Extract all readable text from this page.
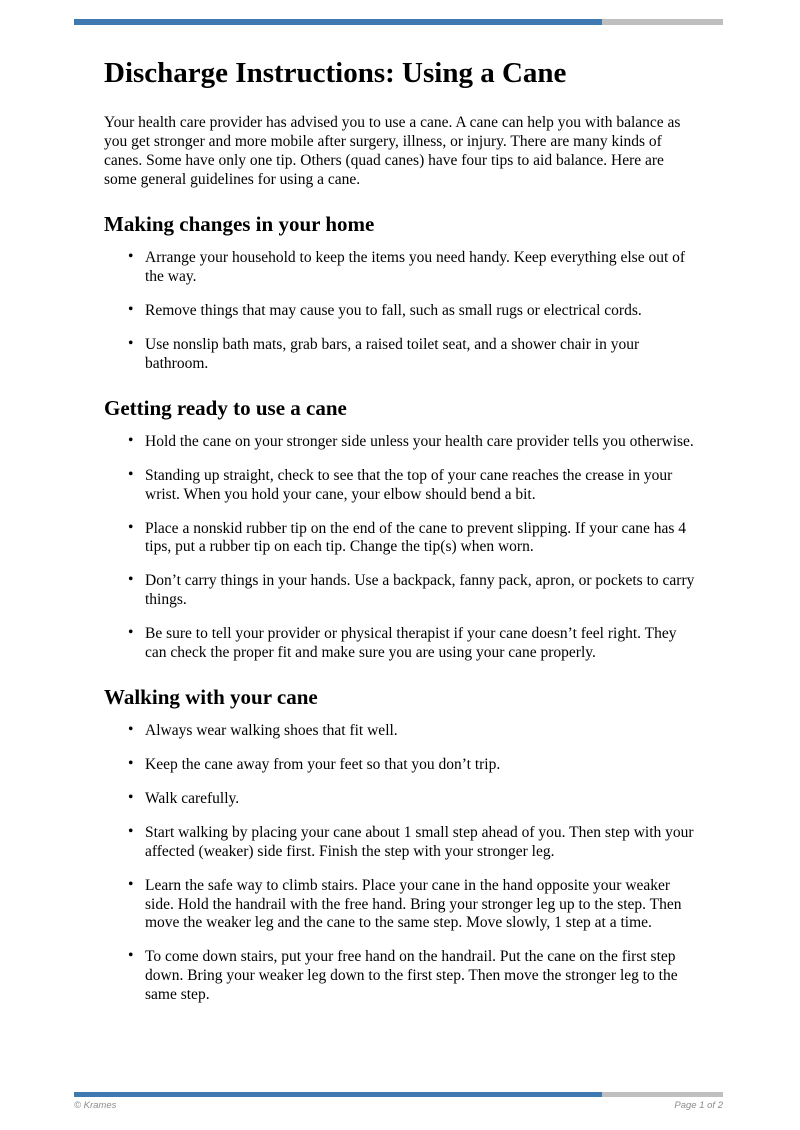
Discharge Instructions: Using a Cane

Your health care provider has advised you to use a cane. A cane can help you with balance as you get stronger and more mobile after surgery, illness, or injury. There are many kinds of canes. Some have only one tip. Others (quad canes) have four tips to aid balance. Here are some general guidelines for using a cane.

Making changes in your home
• Arrange your household to keep the items you need handy. Keep everything else out of the way.
• Remove things that may cause you to fall, such as small rugs or electrical cords.
• Use nonslip bath mats, grab bars, a raised toilet seat, and a shower chair in your bathroom.
Getting ready to use a cane
• Hold the cane on your stronger side unless your health care provider tells you otherwise.
• Standing up straight, check to see that the top of your cane reaches the crease in your wrist. When you hold your cane, your elbow should bend a bit.
• Place a nonskid rubber tip on the end of the cane to prevent slipping. If your cane has 4 tips, put a rubber tip on each tip. Change the tip(s) when worn.
• Don’t carry things in your hands. Use a backpack, fanny pack, apron, or pockets to carry things.
• Be sure to tell your provider or physical therapist if your cane doesn’t feel right. They can check the proper fit and make sure you are using your cane properly.
Walking with your cane
• Always wear walking shoes that fit well.
• Keep the cane away from your feet so that you don’t trip.
• Walk carefully.
• Start walking by placing your cane about 1 small step ahead of you. Then step with your affected (weaker) side first. Finish the step with your stronger leg.
• Learn the safe way to climb stairs. Place your cane in the hand opposite your weaker side. Hold the handrail with the free hand. Bring your stronger leg up to the step. Then move the weaker leg and the cane to the same step. Move slowly, 1 step at a time.
• To come down stairs, put your free hand on the handrail. Put the cane on the first step down. Bring your weaker leg down to the first step. Then move the stronger leg to the same step.
© Krames	Page 1 of 2
